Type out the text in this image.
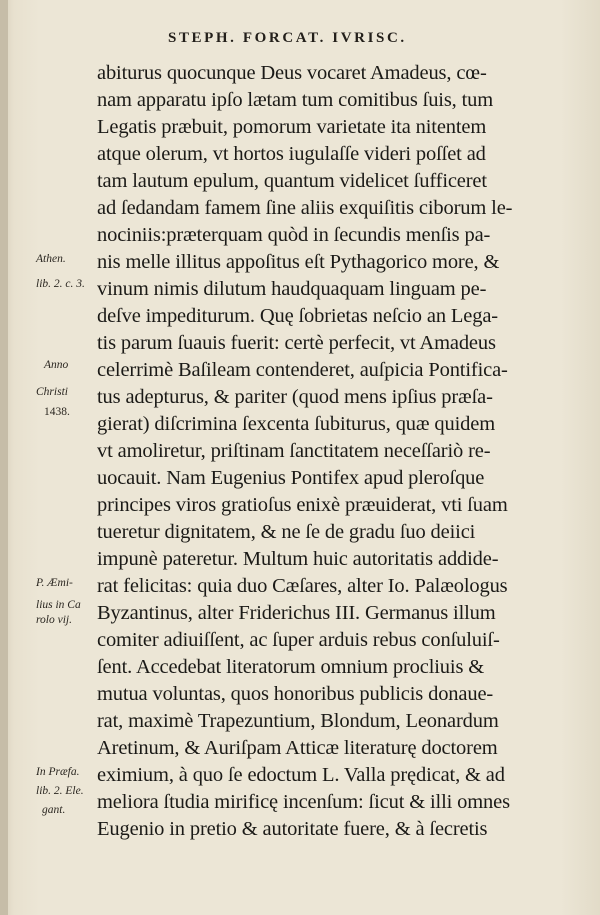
STEPH. FORCAT. IVRISC.
abiturus quocunque Deus vocaret Amadeus, cœ-
nam apparatu ipſo lætam tum comitibus ſuis, tum
Legatis præbuit, pomorum varietate ita nitentem
atque olerum, vt hortos iugulaſſe videri poſſet ad
tam lautum epulum, quantum videlicet ſufficeret
ad ſedandam famem ſine aliis exquiſitis ciborum le-
nociniis:præterquam quòd in ſecundis menſis pa-
nis melle illitus appoſitus eſt Pythagorico more, &
vinum nimis dilutum haudquaquam linguam pe-
deſve impediturum. Quę ſobrietas neſcio an Lega-
tis parum ſuauis fuerit: certè perfecit, vt Amadeus
celerrimè Baſileam contenderet, auſpicia Pontifica-
tus adepturus, & pariter (quod mens ipſius præſa-
gierat) diſcrimina ſexcenta ſubiturus, quæ quidem
vt amoliretur, priſtinam ſanctitatem neceſſariò re-
uocauit. Nam Eugenius Pontifex apud pleroſque
principes viros gratioſus enixè præuiderat, vti ſuam
tueretur dignitatem, & ne ſe de gradu ſuo deiici
impunè pateretur. Multum huic autoritatis addide-
rat felicitas: quia duo Cæſares, alter Io. Palæologus
Byzantinus, alter Friderichus III. Germanus illum
comiter adiuiſſent, ac ſuper arduis rebus conſuluiſ-
ſent. Accedebat literatorum omnium procliuis &
mutua voluntas, quos honoribus publicis donaue-
rat, maximè Trapezuntium, Blondum, Leonardum
Aretinum, & Auriſpam Atticæ literaturę doctorem
eximium, à quo ſe edoctum L. Valla prędicat, & ad
meliora ſtudia mirificę incenſum: ſicut & illi omnes
Eugenio in pretio & autoritate fuere, & à ſecretis
Athen.
lib. 2. c. 3.
Anno
Christi
1438.
P. Æmi-
lius in Ca
rolo vij.
In Præfa.
lib. 2. Ele.
gant.
